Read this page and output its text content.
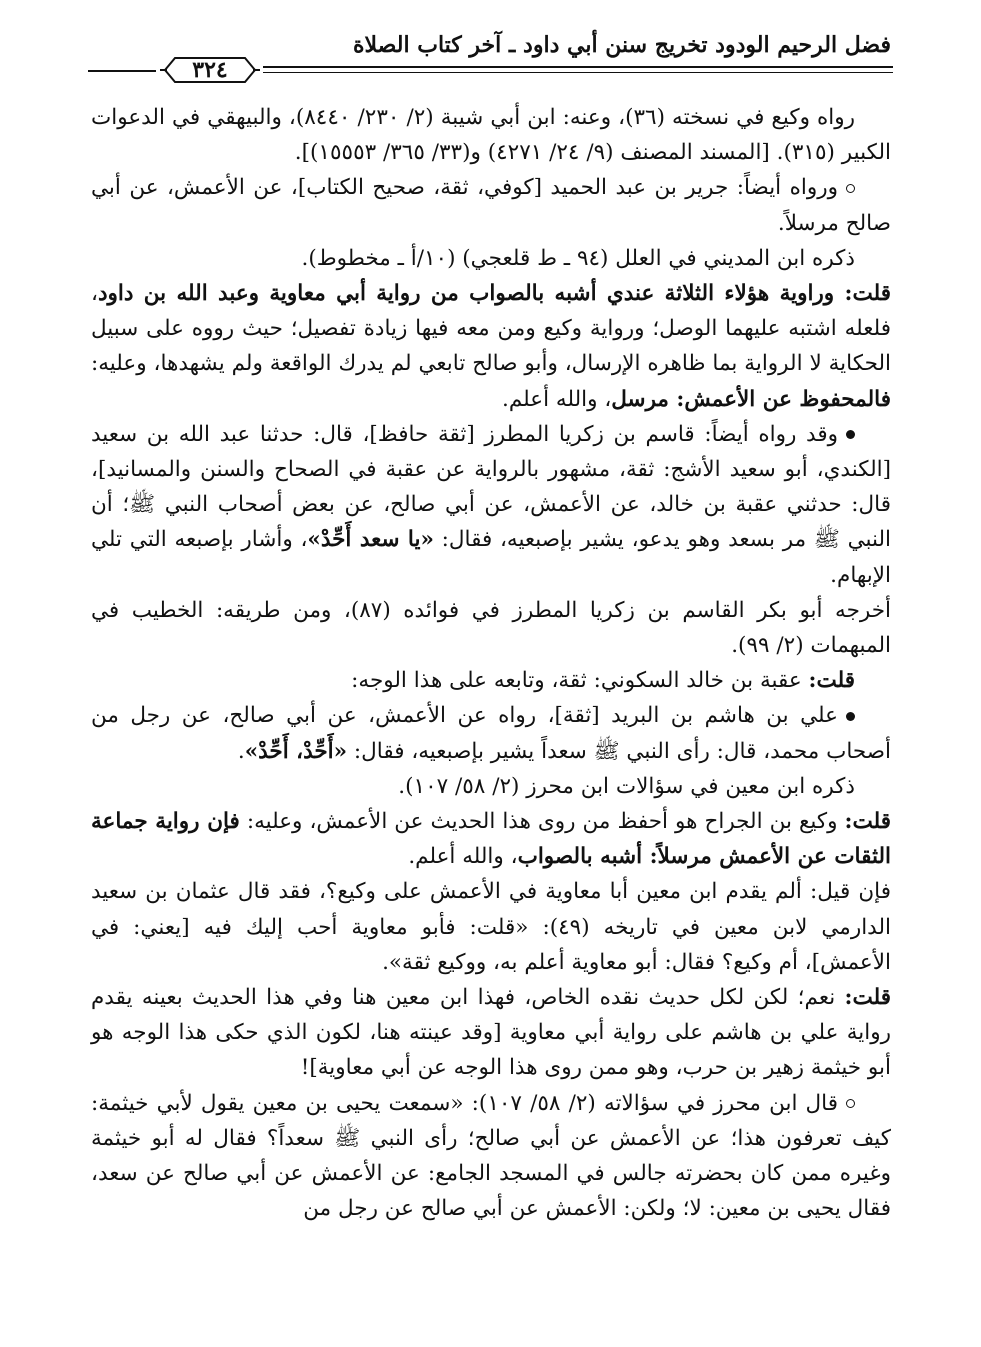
فضل الرحيم الودود تخريج سنن أبي داود ـ آخر كتاب الصلاة
٣٢٤

رواه وكيع في نسخته (٣٦)، وعنه: ابن أبي شيبة (٢/ ٢٣٠/ ٨٤٤٠)، والبيهقي في الدعوات الكبير (٣١٥). [المسند المصنف (٩/ ٢٤/ ٤٢٧١) و(٣٣/ ٣٦٥/ ١٥٥٥٣)].

ورواه أيضاً: جرير بن عبد الحميد [كوفي، ثقة، صحيح الكتاب]، عن الأعمش، عن أبي صالح مرسلاً.

ذكره ابن المديني في العلل (٩٤ ـ ط قلعجي) (١٠/أ ـ مخطوط).

قلت: وراوية هؤلاء الثلاثة عندي أشبه بالصواب من رواية أبي معاوية وعبد الله بن داود، فلعله اشتبه عليهما الوصل؛ ورواية وكيع ومن معه فيها زيادة تفصيل؛ حيث رووه على سبيل الحكاية لا الرواية بما ظاهره الإرسال، وأبو صالح تابعي لم يدرك الواقعة ولم يشهدها، وعليه: فالمحفوظ عن الأعمش: مرسل، والله أعلم.

وقد رواه أيضاً: قاسم بن زكريا المطرز [ثقة حافظ]، قال: حدثنا عبد الله بن سعيد [الكندي، أبو سعيد الأشج: ثقة، مشهور بالرواية عن عقبة في الصحاح والسنن والمسانيد]، قال: حدثني عقبة بن خالد، عن الأعمش، عن أبي صالح، عن بعض أصحاب النبي ﷺ؛ أن النبي ﷺ مر بسعد وهو يدعو، يشير بإصبعيه، فقال: «يا سعد أَحِّدْ»، وأشار بإصبعه التي تلي الإبهام.

أخرجه أبو بكر القاسم بن زكريا المطرز في فوائده (٨٧)، ومن طريقه: الخطيب في المبهمات (٢/ ٩٩).

قلت: عقبة بن خالد السكوني: ثقة، وتابعه على هذا الوجه:

علي بن هاشم بن البريد [ثقة]، رواه عن الأعمش، عن أبي صالح، عن رجل من أصحاب محمد، قال: رأى النبي ﷺ سعداً يشير بإصبعيه، فقال: «أَحِّدْ، أَحِّدْ».

ذكره ابن معين في سؤالات ابن محرز (٢/ ٥٨/ ١٠٧).

قلت: وكيع بن الجراح هو أحفظ من روى هذا الحديث عن الأعمش، وعليه: فإن رواية جماعة الثقات عن الأعمش مرسلاً: أشبه بالصواب، والله أعلم.

فإن قيل: ألم يقدم ابن معين أبا معاوية في الأعمش على وكيع؟، فقد قال عثمان بن سعيد الدارمي لابن معين في تاريخه (٤٩): «قلت: فأبو معاوية أحب إليك فيه [يعني: في الأعمش]، أم وكيع؟ فقال: أبو معاوية أعلم به، ووكيع ثقة».

قلت: نعم؛ لكن لكل حديث نقده الخاص، فهذا ابن معين هنا وفي هذا الحديث بعينه يقدم رواية علي بن هاشم على رواية أبي معاوية [وقد عينته هنا، لكون الذي حكى هذا الوجه هو أبو خيثمة زهير بن حرب، وهو ممن روى هذا الوجه عن أبي معاوية]!

قال ابن محرز في سؤالاته (٢/ ٥٨/ ١٠٧): «سمعت يحيى بن معين يقول لأبي خيثمة: كيف تعرفون هذا؛ عن الأعمش عن أبي صالح؛ رأى النبي ﷺ سعداً؟ فقال له أبو خيثمة وغيره ممن كان بحضرته جالس في المسجد الجامع: عن الأعمش عن أبي صالح عن سعد، فقال يحيى بن معين: لا؛ ولكن: الأعمش عن أبي صالح عن رجل من
